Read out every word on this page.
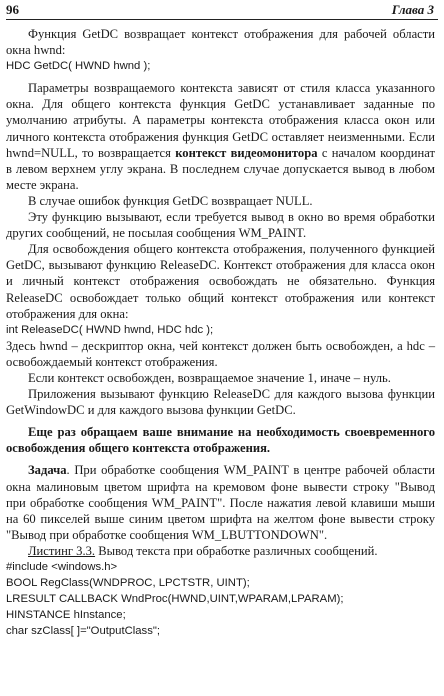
96	Глава 3

Функция GetDC возвращает контекст отображения для рабочей области окна hwnd:

HDC GetDC( HWND hwnd );

Параметры возвращаемого контекста зависят от стиля класса указанного окна. Для общего контекста функция GetDC устанавливает заданные по умолчанию атрибуты. А параметры контекста отображения класса окон или личного контекста отображения функция GetDC оставляет неизменными. Если hwnd=NULL, то возвращается контекст видеомонитора с началом координат в левом верхнем углу экрана. В последнем случае допускается вывод в любом месте экрана.

В случае ошибок функция GetDC возвращает NULL.

Эту функцию вызывают, если требуется вывод в окно во время обработки других сообщений, не посылая сообщения WM_PAINT.

Для освобождения общего контекста отображения, полученного функцией GetDC, вызывают функцию ReleaseDC. Контекст отображения для класса окон и личный контекст отображения освобождать не обязательно. Функция ReleaseDC освобождает только общий контекст отображения или контекст отображения для окна:

int ReleaseDC( HWND hwnd, HDC hdc );

Здесь hwnd – дескриптор окна, чей контекст должен быть освобожден, a hdc – освобождаемый контекст отображения.

Если контекст освобожден, возвращаемое значение 1, иначе – нуль.

Приложения вызывают функцию ReleaseDC для каждого вызова функции GetWindowDC и для каждого вызова функции GetDC.

Еще раз обращаем ваше внимание на необходимость своевременного освобождения общего контекста отображения.

Задача. При обработке сообщения WM_PAINT в центре рабочей области окна малиновым цветом шрифта на кремовом фоне вывести строку "Вывод при обработке сообщения WM_PAINT". После нажатия левой клавиши мыши на 60 пикселей выше синим цветом шрифта на желтом фоне вывести строку "Вывод при обработке сообщения WM_LBUTTONDOWN".

Листинг 3.3. Вывод текста при обработке различных сообщений.

#include <windows.h>

BOOL RegClass(WNDPROC, LPCTSTR, UINT);

LRESULT CALLBACK WndProc(HWND,UINT,WPARAM,LPARAM);

HINSTANCE hInstance;

char szClass[ ]="OutputClass";
